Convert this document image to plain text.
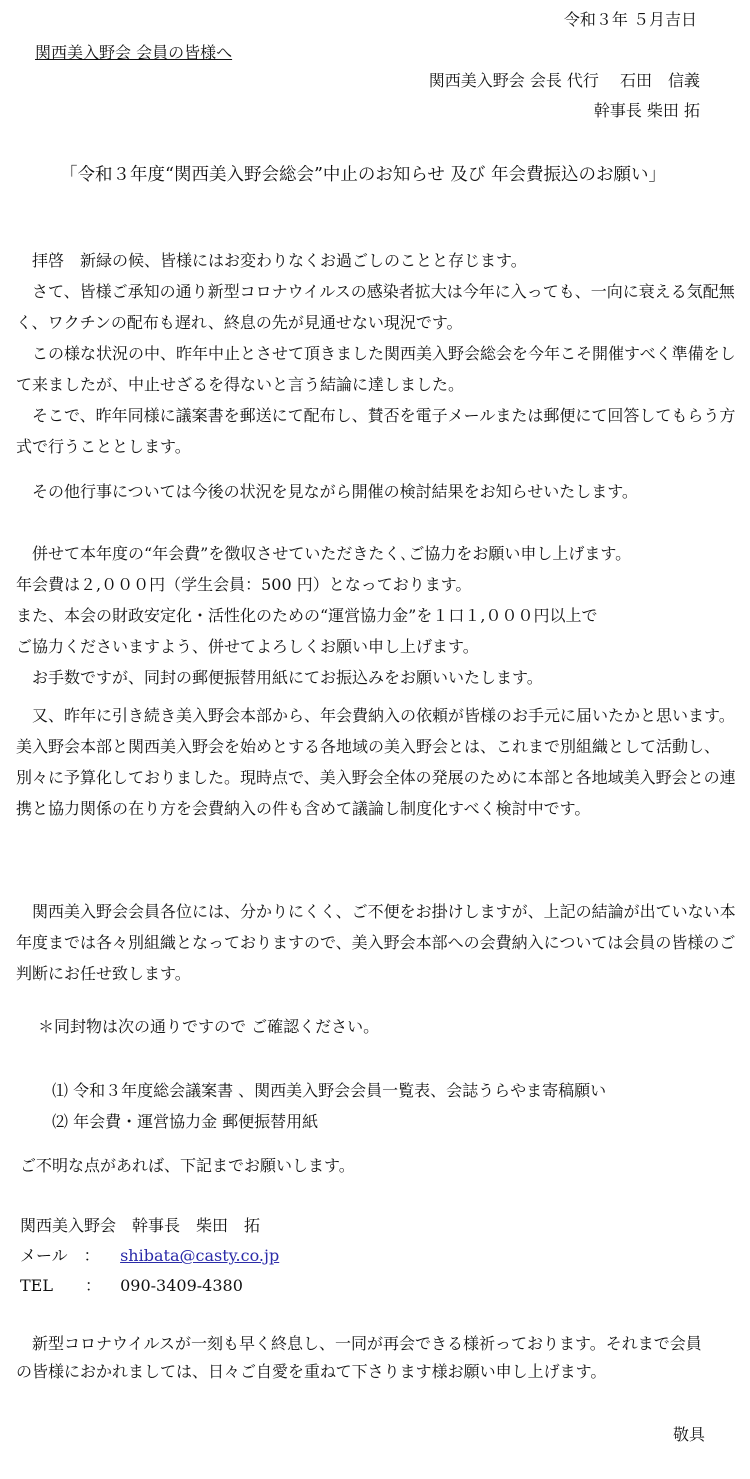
令和３年 ５月吉日
関西美入野会 会員の皆様へ
関西美入野会 会長 代行　 石田　信義
幹事長 柴田 拓
「令和３年度“関西美入野会総会”中止のお知らせ 及び 年会費振込のお願い」

　拝啓　新緑の候、皆様にはお変わりなくお過ごしのことと存じます。

　さて、皆様ご承知の通り新型コロナウイルスの感染者拡大は今年に入っても、一向に衰える気配無く、ワクチンの配布も遅れ、終息の先が見通せない現況です。

　この様な状況の中、昨年中止とさせて頂きました関西美入野会総会を今年こそ開催すべく準備をして来ましたが、中止せざるを得ないと言う結論に達しました。

　そこで、昨年同様に議案書を郵送にて配布し、賛否を電子メールまたは郵便にて回答してもらう方式で行うこととします。

　その他行事については今後の状況を見ながら開催の検討結果をお知らせいたします。

　併せて本年度の“年会費”を徴収させていただきたく､ご協力をお願い申し上げます。

年会費は２,０００円（学生会員：500 円）となっております。

また、本会の財政安定化・活性化のための“運営協力金”を１口１,０００円以上で

ご協力くださいますよう、併せてよろしくお願い申し上げます。

　お手数ですが、同封の郵便振替用紙にてお振込みをお願いいたします。

　又、昨年に引き続き美入野会本部から、年会費納入の依頼が皆様のお手元に届いたかと思います。美入野会本部と関西美入野会を始めとする各地域の美入野会とは、これまで別組織として活動し、別々に予算化しておりました。現時点で、美入野会全体の発展のために本部と各地域美入野会との連携と協力関係の在り方を会費納入の件も含めて議論し制度化すべく検討中です。
　関西美入野会会員各位には、分かりにくく、ご不便をお掛けしますが、上記の結論が出ていない本年度までは各々別組織となっておりますので、美入野会本部への会費納入については会員の皆様のご判断にお任せ致します。
＊同封物は次の通りですので ご確認ください。
⑴ 令和３年度総会議案書 、関西美入野会会員一覧表、会誌うらやま寄稿願い
⑵ 年会費・運営協力金 郵便振替用紙
ご不明な点があれば、下記までお願いします。
関西美入野会　幹事長　柴田　拓
メール　： shibata@casty.co.jp
TEL　　： 090-3409-4380
　新型コロナウイルスが一刻も早く終息し、一同が再会できる様祈っております。それまで会員の皆様におかれましては、日々ご自愛を重ねて下さります様お願い申し上げます。
敬具
